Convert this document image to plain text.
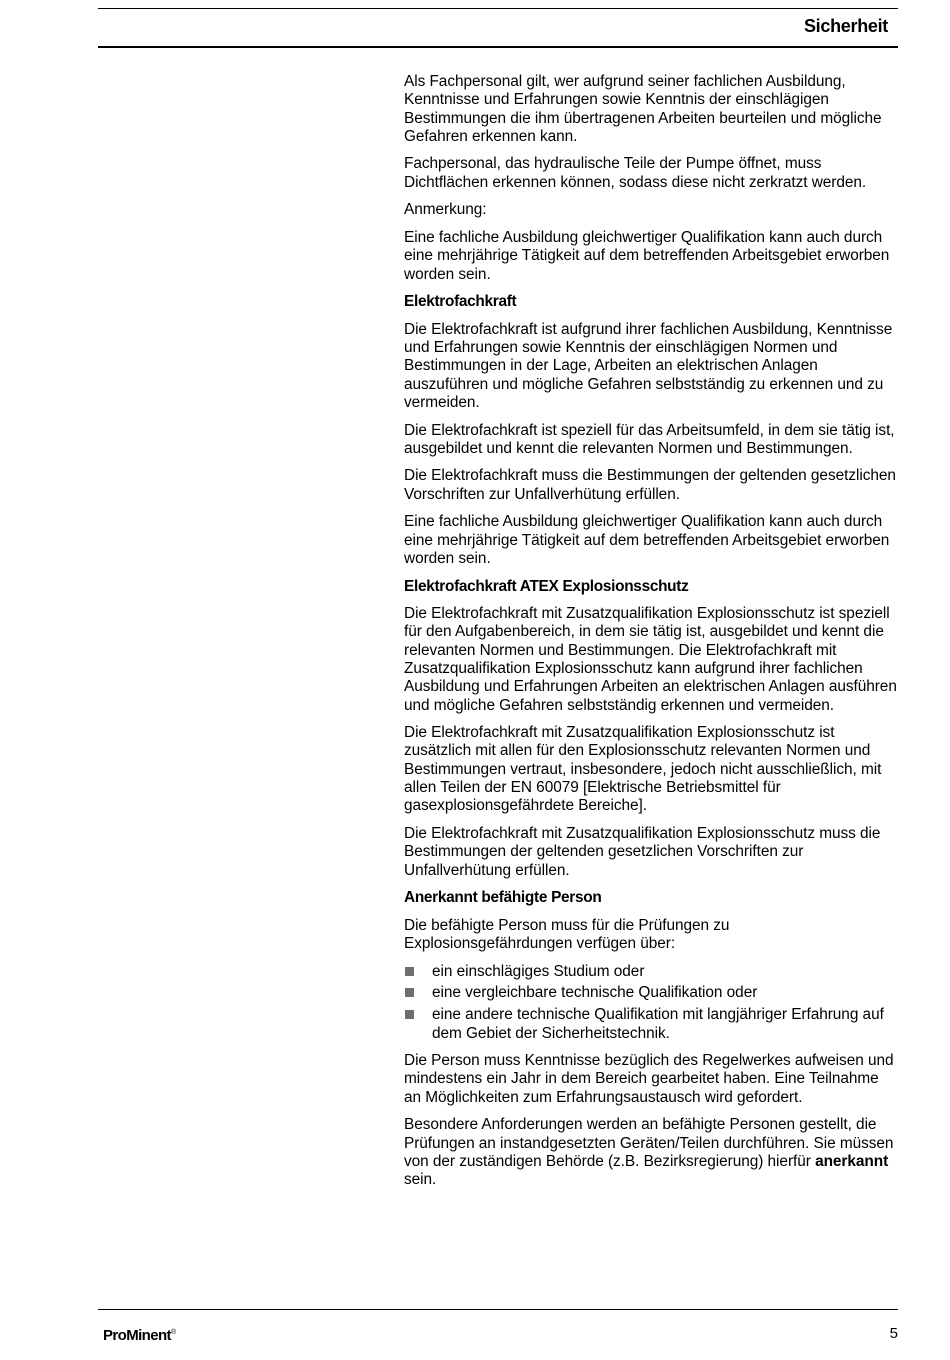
Sicherheit

Als Fachpersonal gilt, wer aufgrund seiner fachlichen Ausbildung, Kenntnisse und Erfahrungen sowie Kenntnis der einschlägigen Bestimmungen die ihm übertragenen Arbeiten beurteilen und mögliche Gefahren erkennen kann.

Fachpersonal, das hydraulische Teile der Pumpe öffnet, muss Dichtflächen erkennen können, sodass diese nicht zerkratzt werden.

Anmerkung:

Eine fachliche Ausbildung gleichwertiger Qualifikation kann auch durch eine mehrjährige Tätigkeit auf dem betreffenden Arbeitsgebiet erworben worden sein.

Elektrofachkraft

Die Elektrofachkraft ist aufgrund ihrer fachlichen Ausbildung, Kenntnisse und Erfahrungen sowie Kenntnis der einschlägigen Normen und Bestimmungen in der Lage, Arbeiten an elektrischen Anlagen auszuführen und mögliche Gefahren selbstständig zu erkennen und zu vermeiden.

Die Elektrofachkraft ist speziell für das Arbeitsumfeld, in dem sie tätig ist, ausgebildet und kennt die relevanten Normen und Bestimmungen.

Die Elektrofachkraft muss die Bestimmungen der geltenden gesetzlichen Vorschriften zur Unfallverhütung erfüllen.

Eine fachliche Ausbildung gleichwertiger Qualifikation kann auch durch eine mehrjährige Tätigkeit auf dem betreffenden Arbeitsgebiet erworben worden sein.

Elektrofachkraft ATEX Explosionsschutz

Die Elektrofachkraft mit Zusatzqualifikation Explosionsschutz ist speziell für den Aufgabenbereich, in dem sie tätig ist, ausgebildet und kennt die relevanten Normen und Bestimmungen. Die Elektrofachkraft mit Zusatzqualifikation Explosionsschutz kann aufgrund ihrer fachlichen Ausbildung und Erfahrungen Arbeiten an elektrischen Anlagen ausführen und mögliche Gefahren selbstständig erkennen und vermeiden.

Die Elektrofachkraft mit Zusatzqualifikation Explosionsschutz ist zusätzlich mit allen für den Explosionsschutz relevanten Normen und Bestimmungen vertraut, insbesondere, jedoch nicht ausschließlich, mit allen Teilen der EN 60079 [Elektrische Betriebsmittel für gasexplosionsgefährdete Bereiche].

Die Elektrofachkraft mit Zusatzqualifikation Explosionsschutz muss die Bestimmungen der geltenden gesetzlichen Vorschriften zur Unfallverhütung erfüllen.

Anerkannt befähigte Person

Die befähigte Person muss für die Prüfungen zu Explosionsgefährdungen verfügen über:

ein einschlägiges Studium oder
eine vergleichbare technische Qualifikation oder
eine andere technische Qualifikation mit langjähriger Erfahrung auf dem Gebiet der Sicherheitstechnik.

Die Person muss Kenntnisse bezüglich des Regelwerkes aufweisen und mindestens ein Jahr in dem Bereich gearbeitet haben. Eine Teilnahme an Möglichkeiten zum Erfahrungsaustausch wird gefordert.

Besondere Anforderungen werden an befähigte Personen gestellt, die Prüfungen an instandgesetzten Geräten/Teilen durchführen. Sie müssen von der zuständigen Behörde (z.B. Bezirksregierung) hierfür anerkannt sein.

ProMinent®	5
